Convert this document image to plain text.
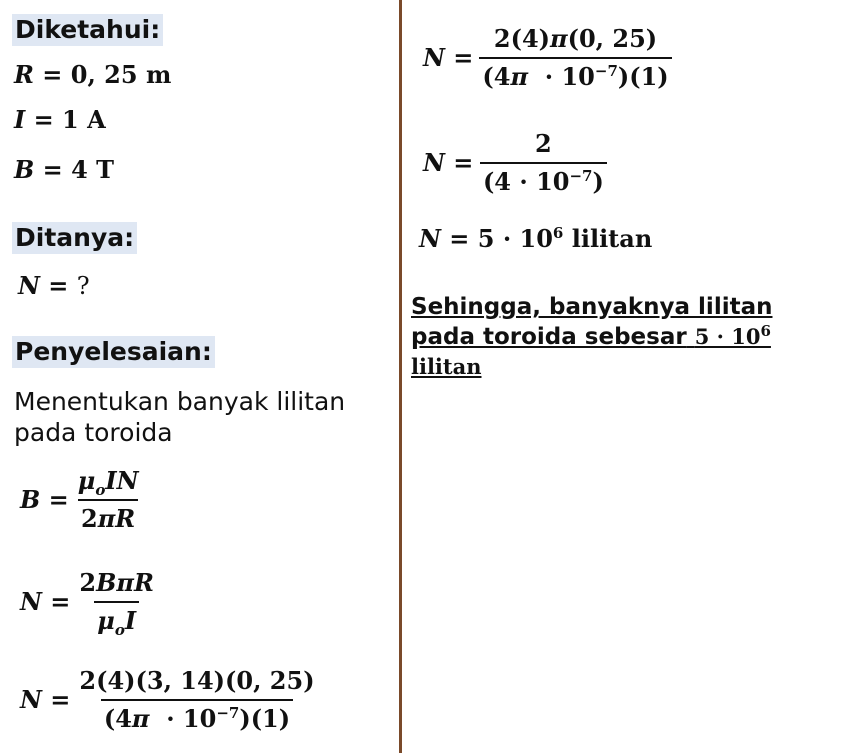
Diketahui:
R = 0, 25 m
I = 1 A
B = 4 T
Ditanya:
N = ?
Penyelesaian:
Menentukan banyak lilitan pada toroida
$B = \frac{\mu_oIN}{2\pi R}$
$N = \frac{\text{2BπR}}{\mu_oI}$
$N = \frac{2(4)(3, 14)(0, 25)}{(4\pi \cdot 10^{-7})(1)}$
$N = \frac{2(4)\pi(0, 25)}{(4\pi \cdot 10^{-7})(1)}$
$N = \frac{2}{(4 \cdot 10^{-7})}$
$N = 5 \cdot 10^6$ lilitan
Sehingga, banyaknya lilitan pada toroida sebesar $5 \cdot 10^6$ lilitan
